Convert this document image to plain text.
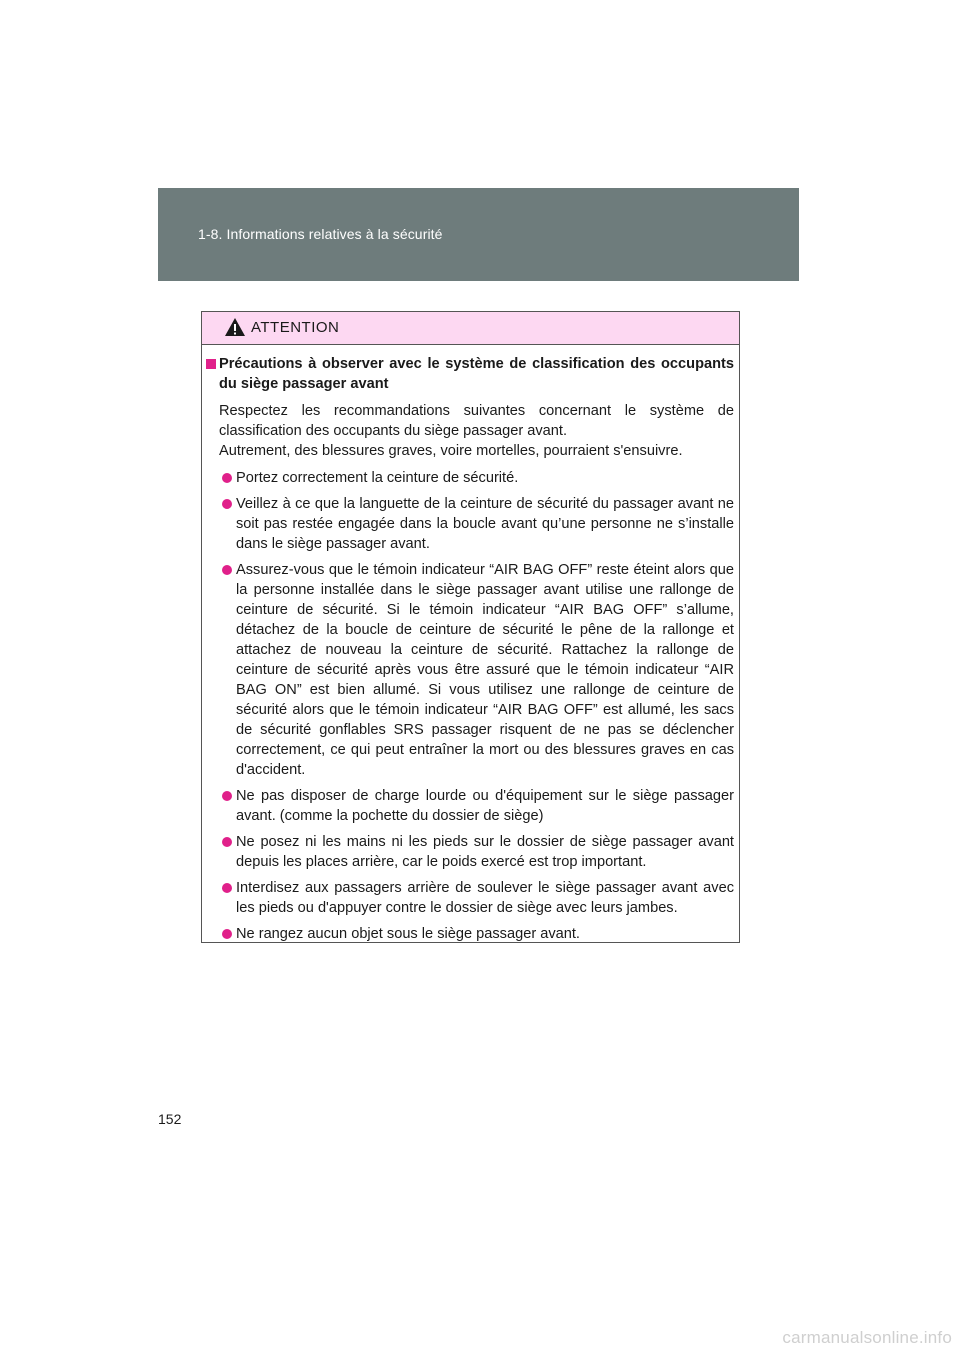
1-8. Informations relatives à la sécurité
ATTENTION
Précautions à observer avec le système de classification des occupants du siège passager avant
Respectez les recommandations suivantes concernant le système de classification des occupants du siège passager avant.
Autrement, des blessures graves, voire mortelles, pourraient s'ensuivre.
Portez correctement la ceinture de sécurité.
Veillez à ce que la languette de la ceinture de sécurité du passager avant ne soit pas restée engagée dans la boucle avant qu’une personne ne s’installe dans le siège passager avant.
Assurez-vous que le témoin indicateur “AIR BAG OFF” reste éteint alors que la personne installée dans le siège passager avant utilise une rallonge de ceinture de sécurité. Si le témoin indicateur “AIR BAG OFF” s’allume, détachez de la boucle de ceinture de sécurité le pêne de la rallonge et attachez de nouveau la ceinture de sécurité. Rattachez la rallonge de ceinture de sécurité après vous être assuré que le témoin indicateur “AIR BAG ON” est bien allumé. Si vous utilisez une rallonge de ceinture de sécurité alors que le témoin indicateur “AIR BAG OFF” est allumé, les sacs de sécurité gonflables SRS passager risquent de ne pas se déclencher correctement, ce qui peut entraîner la mort ou des blessures graves en cas d'accident.
Ne pas disposer de charge lourde ou d'équipement sur le siège passager avant. (comme la pochette du dossier de siège)
Ne posez ni les mains ni les pieds sur le dossier de siège passager avant depuis les places arrière, car le poids exercé est trop important.
Interdisez aux passagers arrière de soulever le siège passager avant avec les pieds ou d'appuyer contre le dossier de siège avec leurs jambes.
Ne rangez aucun objet sous le siège passager avant.
152
carmanualsonline.info
